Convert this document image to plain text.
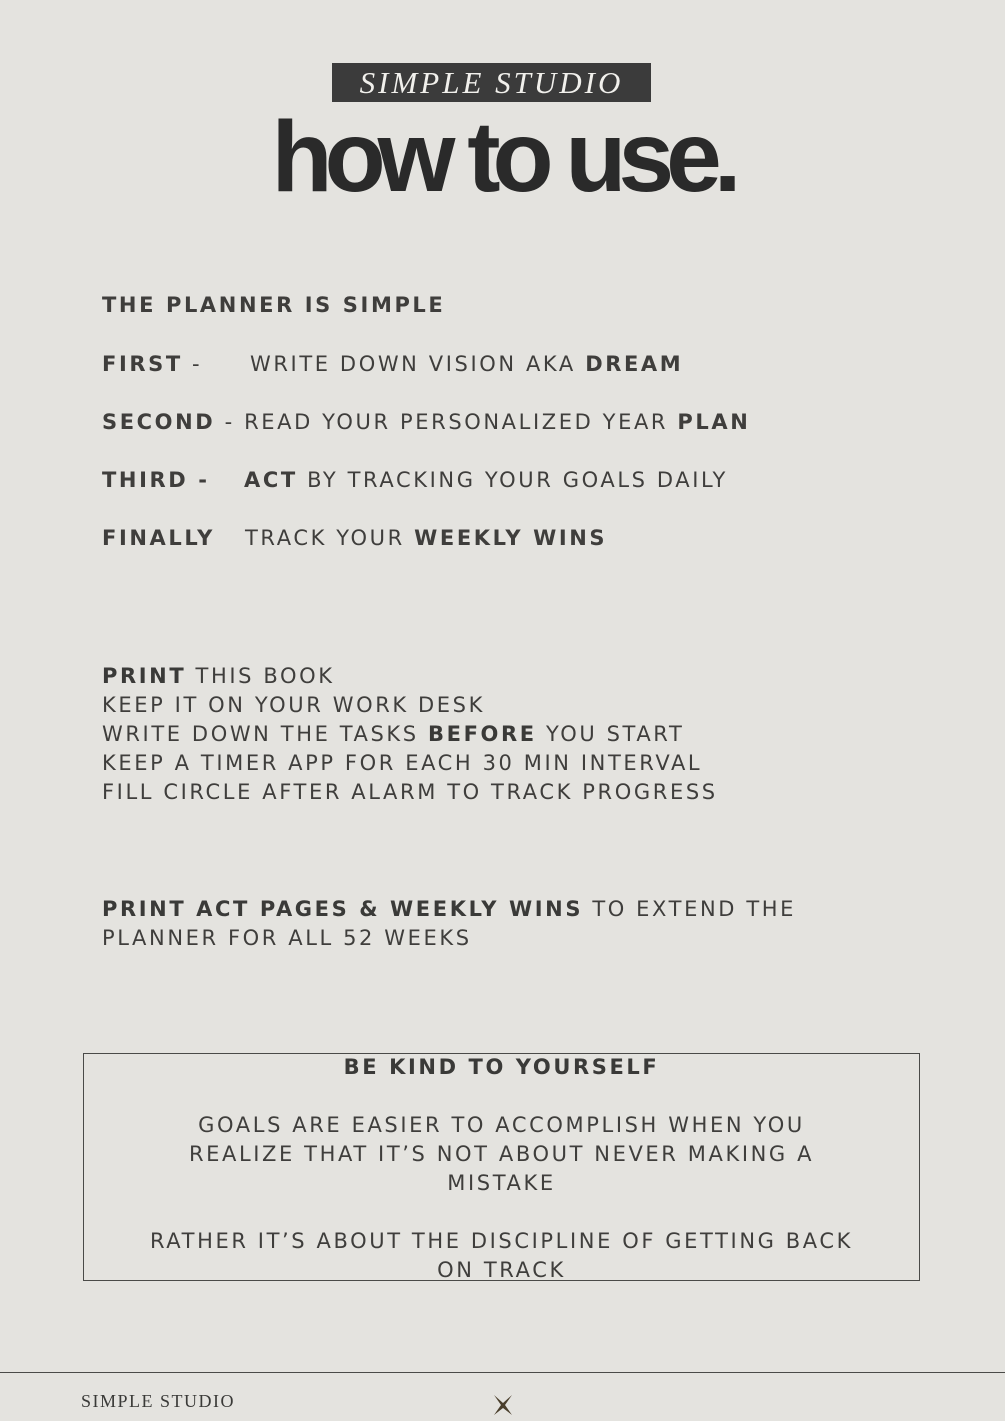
SIMPLE STUDIO
how to use.
THE PLANNER IS SIMPLE
FIRST - WRITE DOWN VISION AKA DREAM
SECOND - READ YOUR PERSONALIZED YEAR PLAN
THIRD - ACT BY TRACKING YOUR GOALS DAILY
FINALLY TRACK YOUR WEEKLY WINS
PRINT THIS BOOK
KEEP IT ON YOUR WORK DESK
WRITE DOWN THE TASKS BEFORE YOU START
KEEP A TIMER APP FOR EACH 30 MIN INTERVAL
FILL CIRCLE AFTER ALARM TO TRACK PROGRESS
PRINT ACT PAGES & WEEKLY WINS TO EXTEND THE
PLANNER FOR ALL 52 WEEKS
BE KIND TO YOURSELF
GOALS ARE EASIER TO ACCOMPLISH WHEN YOU
REALIZE THAT IT’S NOT ABOUT NEVER MAKING A
MISTAKE
RATHER IT’S ABOUT THE DISCIPLINE OF GETTING BACK
ON TRACK
SIMPLE STUDIO
